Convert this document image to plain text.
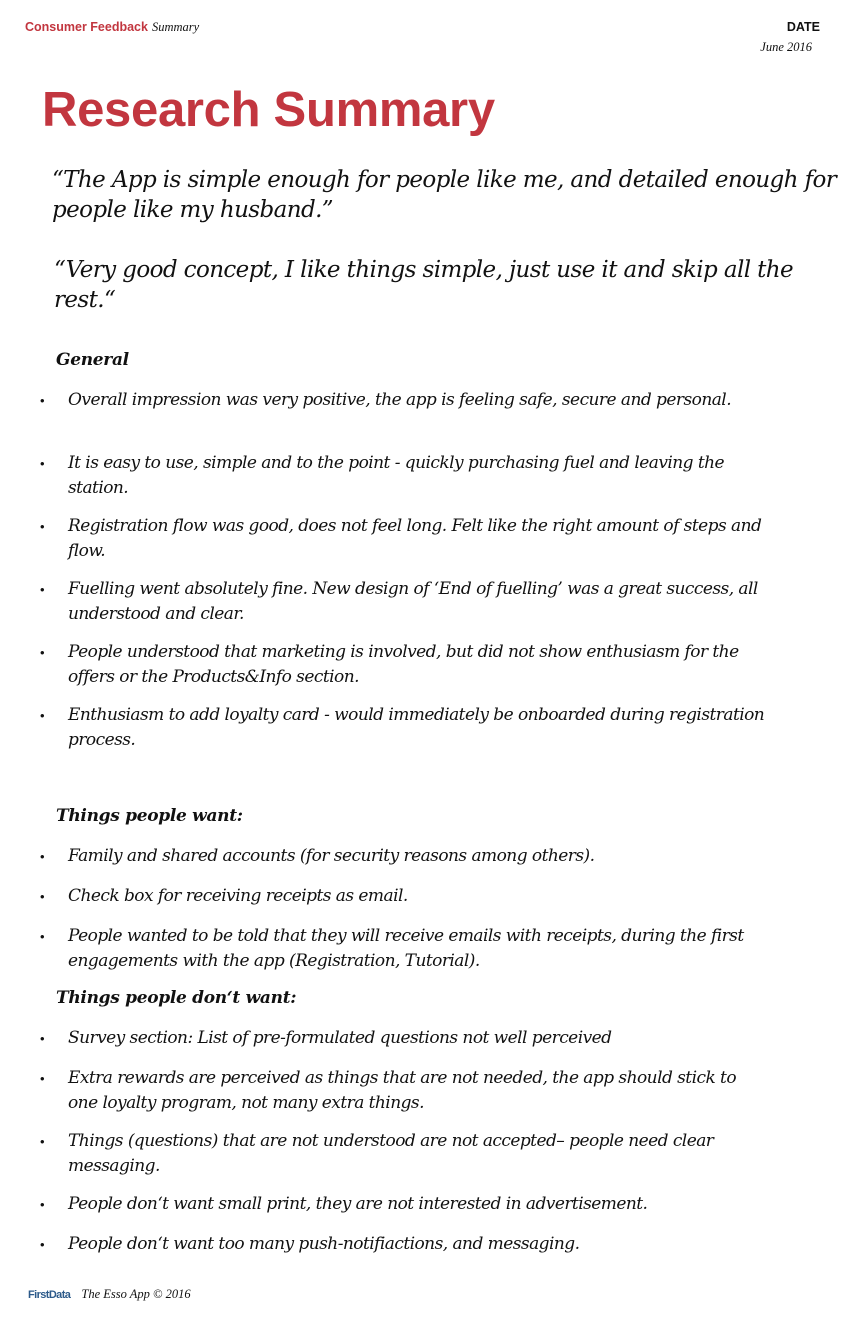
Consumer Feedback Summary	DATE
June 2016
Research Summary

“The App is simple enough for people like me, and detailed enough for people like my husband.”

“Very good concept, I like things simple, just use it and skip all the rest.“

General
• Overall impression was very positive, the app is feeling safe, secure and personal.
• It is easy to use, simple and to the point - quickly purchasing fuel and leaving the station.
• Registration flow was good, does not feel long. Felt like the right amount of steps and flow.
• Fuelling went absolutely fine. New design of ‘End of fuelling’ was a great success, all understood and clear.
• People understood that marketing is involved, but did not show enthusiasm for the offers or the Products&Info section.
• Enthusiasm to add loyalty card - would immediately be onboarded during registration process.
Things people want:
• Family and shared accounts (for security reasons among others).
• Check box for receiving receipts as email.
• People wanted to be told that they will receive emails with receipts, during the first engagements with the app (Registration, Tutorial).
Things people don‘t want:
• Survey section: List of pre-formulated questions not well perceived
• Extra rewards are perceived as things that are not needed, the app should stick to one loyalty program, not many extra things.
• Things (questions) that are not understood are not accepted– people need clear messaging.
• People don‘t want small print, they are not interested in advertisement.
• People don‘t want too many push-notifiactions, and messaging.
FirstData The Esso App © 2016
